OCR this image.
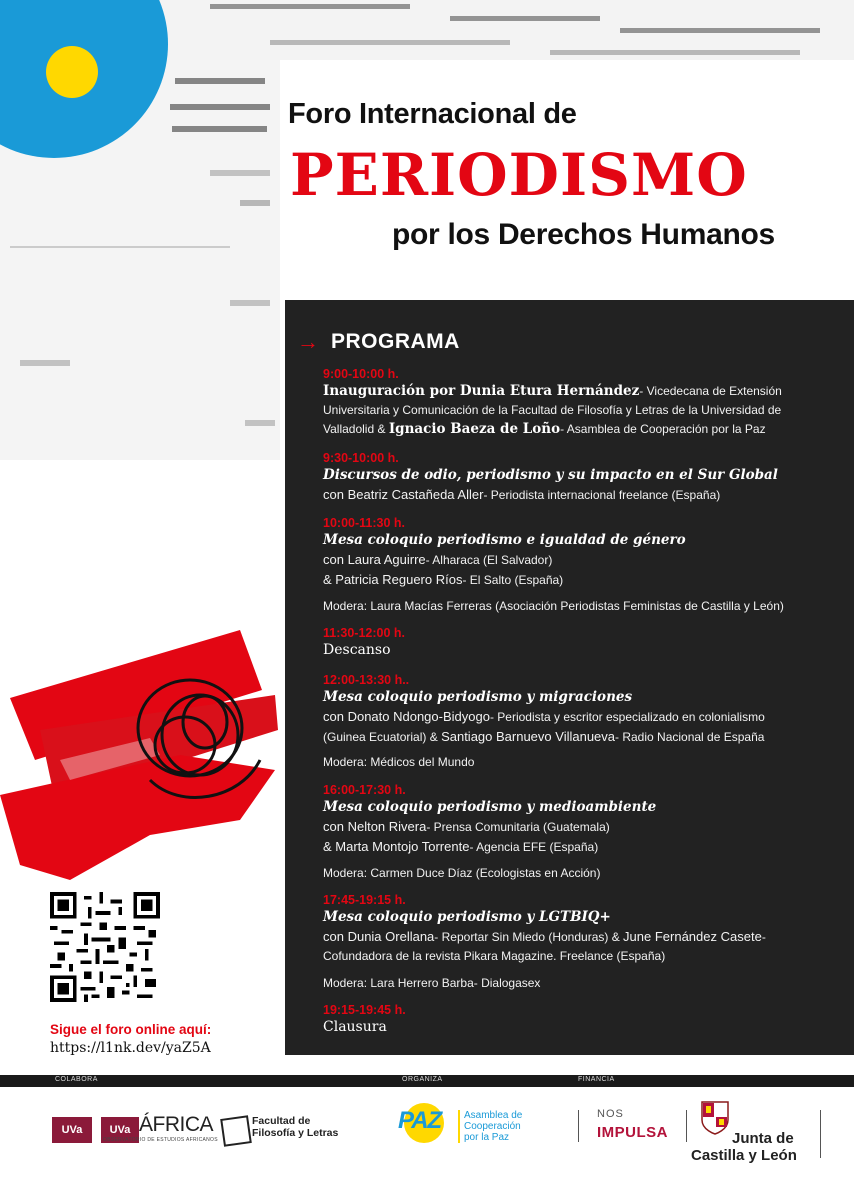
Foro Internacional de
PERIODISMO
por los Derechos Humanos
→ PROGRAMA
9:00-10:00 h.
Inauguración por Dunia Etura Hernández- Vicedecana de Extensión
Universitaria y Comunicación de la Facultad de Filosofía y Letras de la Universidad de
Valladolid & Ignacio Baeza de Loño- Asamblea de Cooperación por la Paz
9:30-10:00 h.
Discursos de odio, periodismo y su impacto en el Sur Global
con Beatriz Castañeda Aller- Periodista internacional freelance (España)
10:00-11:30 h.
Mesa coloquio periodismo e igualdad de género
con Laura Aguirre- Alharaca (El Salvador)
& Patricia Reguero Ríos- El Salto (España)
Modera: Laura Macías Ferreras (Asociación Periodistas Feministas de Castilla y León)
11:30-12:00 h.
Descanso
12:00-13:30 h..
Mesa coloquio periodismo y migraciones
con Donato Ndongo-Bidyogo- Periodista y escritor especializado en colonialismo
(Guinea Ecuatorial) & Santiago Barnuevo Villanueva- Radio Nacional de España
Modera: Médicos del Mundo
16:00-17:30 h.
Mesa coloquio periodismo y medioambiente
con Nelton Rivera- Prensa Comunitaria (Guatemala)
& Marta Montojo Torrente- Agencia EFE (España)
Modera: Carmen Duce Díaz (Ecologistas en Acción)
17:45-19:15 h.
Mesa coloquio periodismo y LGTBIQ+
con Dunia Orellana- Reportar Sin Miedo (Honduras) & June Fernández Casete-
Cofundadora de la revista Pikara Magazine. Freelance (España)
Modera: Lara Herrero Barba- Dialogasex
19:15-19:45 h.
Clausura
Sigue el foro online aquí:
https://l1nk.dev/yaZ5A
COLABORA	ORGANIZA	FINANCIA
UVa	UVa ÁFRICA
OBSERVATORIO DE ESTUDIOS AFRICANOS
Facultad de
Filosofía y Letras PAZ Asamblea de
Cooperación
por la Paz
NOS
IMPULSA	Junta de
Castilla y León
